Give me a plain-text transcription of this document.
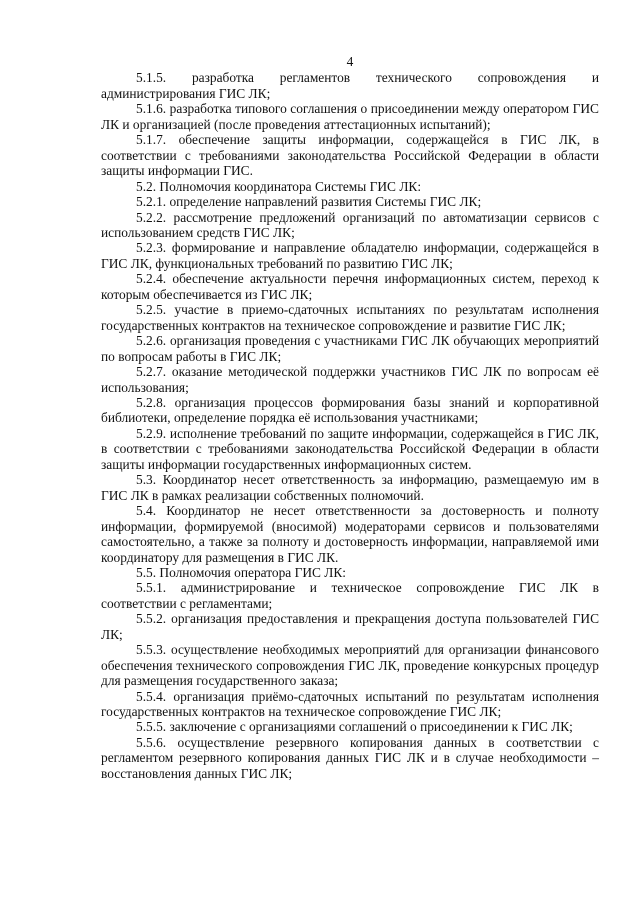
4

5.1.5. разработка регламентов технического сопровождения и администрирования ГИС ЛК;

5.1.6. разработка типового соглашения о присоединении между оператором ГИС ЛК и организацией (после проведения аттестационных испытаний);

5.1.7. обеспечение защиты информации, содержащейся в ГИС ЛК, в соответствии с требованиями законодательства Российской Федерации в области защиты информации ГИС.

5.2. Полномочия координатора Системы ГИС ЛК:

5.2.1. определение направлений развития Системы ГИС ЛК;

5.2.2. рассмотрение предложений организаций по автоматизации сервисов с использованием средств ГИС ЛК;

5.2.3. формирование и направление обладателю информации, содержащейся в ГИС ЛК, функциональных требований по развитию ГИС ЛК;

5.2.4. обеспечение актуальности перечня информационных систем, переход к которым обеспечивается из ГИС ЛК;

5.2.5. участие в приемо-сдаточных испытаниях по результатам исполнения государственных контрактов на техническое сопровождение и развитие ГИС ЛК;

5.2.6. организация проведения с участниками ГИС ЛК обучающих мероприятий по вопросам работы в ГИС ЛК;

5.2.7. оказание методической поддержки участников ГИС ЛК по вопросам её использования;

5.2.8. организация процессов формирования базы знаний и корпоративной библиотеки, определение порядка её использования участниками;

5.2.9. исполнение требований по защите информации, содержащейся в ГИС ЛК, в соответствии с требованиями законодательства Российской Федерации в области защиты информации государственных информационных систем.

5.3. Координатор несет ответственность за информацию, размещаемую им в ГИС ЛК в рамках реализации собственных полномочий.

5.4. Координатор не несет ответственности за достоверность и полноту информации, формируемой (вносимой) модераторами сервисов и пользователями самостоятельно, а также за полноту и достоверность информации, направляемой ими координатору для размещения в ГИС ЛК.

5.5. Полномочия оператора ГИС ЛК:

5.5.1. администрирование и техническое сопровождение ГИС ЛК в соответствии с регламентами;

5.5.2. организация предоставления и прекращения доступа пользователей ГИС ЛК;

5.5.3. осуществление необходимых мероприятий для организации финансового обеспечения технического сопровождения ГИС ЛК, проведение конкурсных процедур для размещения государственного заказа;

5.5.4. организация приёмо-сдаточных испытаний по результатам исполнения государственных контрактов на техническое сопровождение ГИС ЛК;

5.5.5. заключение с организациями соглашений о присоединении к ГИС ЛК;

5.5.6. осуществление резервного копирования данных в соответствии с регламентом резервного копирования данных ГИС ЛК и в случае необходимости – восстановления данных ГИС ЛК;
